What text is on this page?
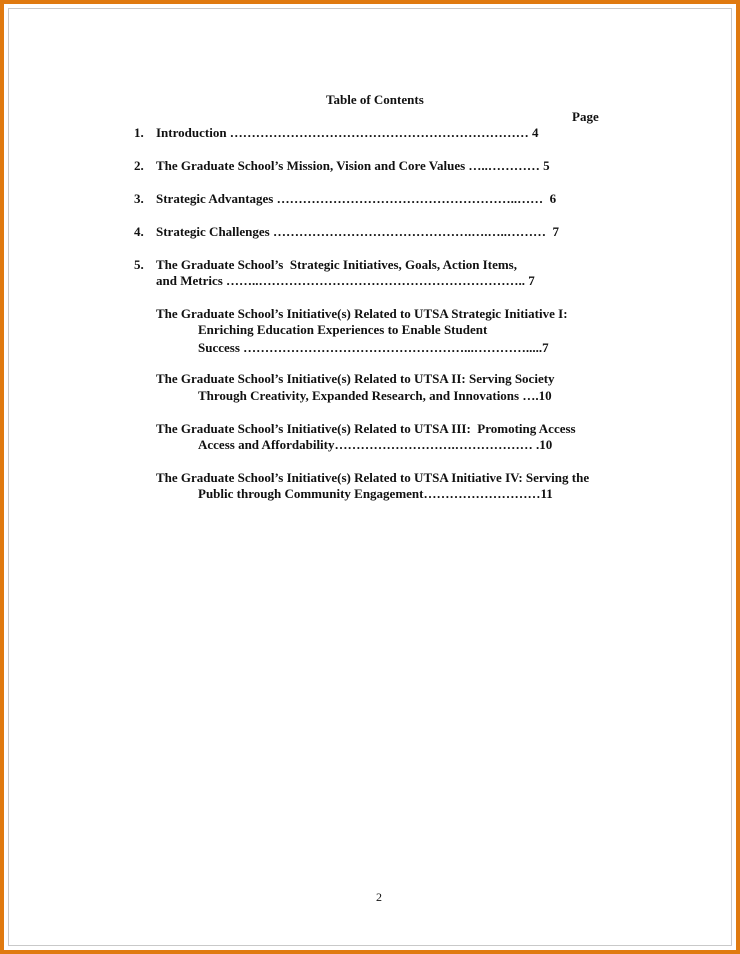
Table of Contents
Page
1. Introduction …………………………………………………………… 4
2. The Graduate School’s Mission, Vision and Core Values …..………… 5
3. Strategic Advantages ………………………………………………..……  6
4. Strategic Challenges ……………………………………….….…..………  7
5. The Graduate School’s  Strategic Initiatives, Goals, Action Items,
and Metrics ……..…………………………………………………….. 7
The Graduate School’s Initiative(s) Related to UTSA Strategic Initiative I:
Enriching Education Experiences to Enable Student
Success ……………………………………………...………….....7
The Graduate School’s Initiative(s) Related to UTSA II: Serving Society
Through Creativity, Expanded Research, and Innovations ….10
The Graduate School’s Initiative(s) Related to UTSA III:  Promoting Access
Access and Affordability……………………….……………… .10
The Graduate School’s Initiative(s) Related to UTSA Initiative IV: Serving the
Public through Community Engagement………………………11
2
